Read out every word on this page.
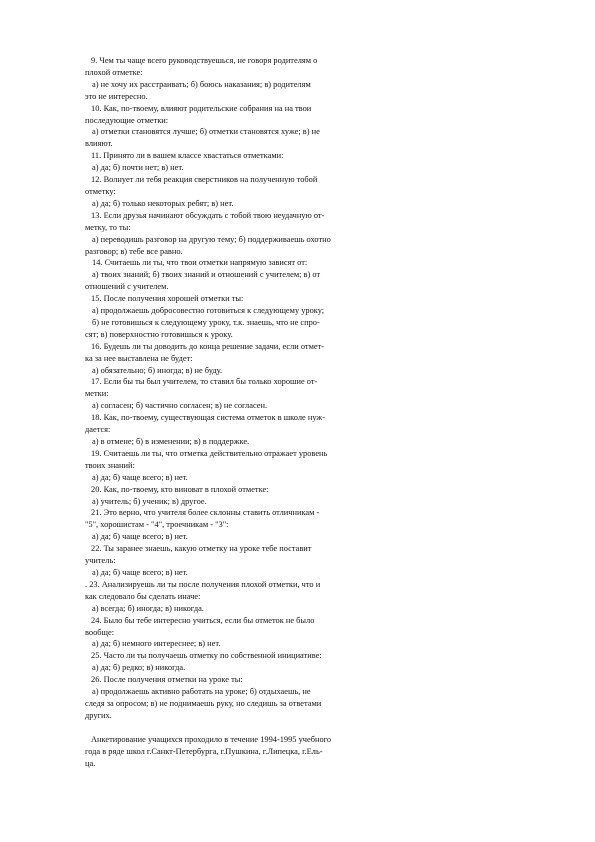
9. Чем ты чаще всего руководствуешься, не говоря родителям о
плохой отметке:
а) не хочу их расстраивать; б) боюсь наказания; в) родителям
это не интересно.
10. Как, по-твоему, влияют родительские собрания на на твои
последующие отметки:
а) отметки становятся лучше; б) отметки становятся хуже; в) не
влияют.
11. Принято ли в вашем классе хвастаться отметками:
а) да; б) почти нет; в) нет.
12. Волнует ли тебя реакция сверстников на полученную тобой
отметку:
а) да; б) только некоторых ребят; в) нет.
13. Если друзья начинают обсуждать с тобой твою неудачную от-
метку, то ты:
а) переводишь разговор на другую тему; б) поддерживаешь охотно
разговор; в) тебе все равно.
14. Считаешь ли ты, что твои отметки напрямую зависят от:
а) твоих знаний; б) твоих знаний и отношений с учителем; в) от
отношений с учителем.
15. После получения хорошей отметки ты:
а) продолжаешь добросовестно готовиться к следующему уроку;
б) не готовишься к следующему уроку, т.к. знаешь, что не спро-
сят; в) поверхностно готовишься к уроку.
16. Будешь ли ты доводить до конца решение задачи, если отмет-
ка за нее выставлена не будет:
а) обязательно; б) иногда; в) не буду.
17. Если бы ты был учителем, то ставил бы только хорошие от-
метки:
а) согласен; б) частично согласен; в) не согласен.
18. Как, по-твоему, существующая система отметок в школе нуж-
дается:
а) в отмене; б) в изменении; в) в поддержке.
19. Считаешь ли ты, что отметка действительно отражает уровень
твоих знаний:
а) да; б) чаще всего; в) нет.
20. Как, по-твоему, кто виноват в плохой отметке:
а) учитель; б) ученик; в) другое.
21. Это верно, что учителя более склонны ставить отличникам -
"5", хорошистам - "4", троечникам - "3":
а) да; б) чаще всего; в) нет.
22. Ты заранее знаешь, какую отметку на уроке тебе поставит
учитель:
а) да; б) чаще всего; в) нет.
. 23. Анализируешь ли ты после получения плохой отметки, что и
как следовало бы сделать иначе:
а) всегда; б) иногда; в) никогда.
24. Было бы тебе интересно учиться, если бы отметок не было
вообще:
а) да; б) немного интереснее; в) нет.
25. Часто ли ты получаешь отметку по собственной инициативе:
а) да; б) редко; в) никогда.
26. После получения отметки на уроке ты:
а) продолжаешь активно работать на уроке; б) отдыхаешь, не
следя за опросом; в) не поднимаешь руку, но следишь за ответами
других.
Анкетирование учащихся проходило в течение 1994-1995 учебного
года в ряде школ г.Санкт-Петербурга, г.Пушкина, г.Липецка, г.Ель-
ца.
